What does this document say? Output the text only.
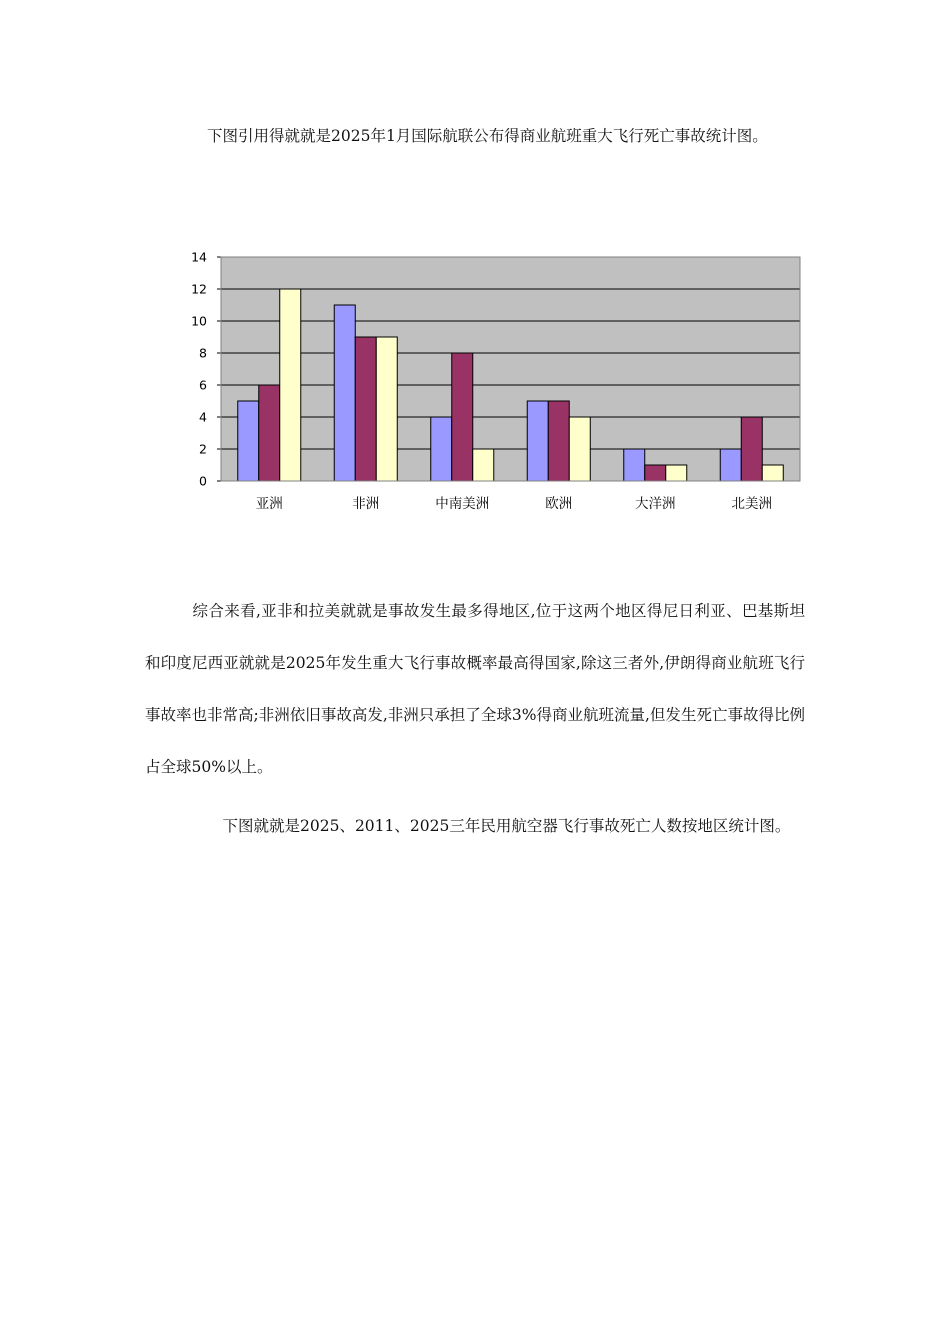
　　　　下图引用得就就是2025年1月国际航联公布得商业航班重大飞行死亡事故统计图。

0
2
4
6
8
10
12
14
亚洲	非洲	中南美洲	欧洲	大洋洲	北美洲

　　　综合来看,亚非和拉美就就是事故发生最多得地区,位于这两个地区得尼日利亚、巴基斯坦和印度尼西亚就就是2025年发生重大飞行事故概率最高得国家,除这三者外,伊朗得商业航班飞行事故率也非常高;非洲依旧事故高发,非洲只承担了全球3%得商业航班流量,但发生死亡事故得比例占全球50%以上。

　　　　　下图就就是2025、2011、2025三年民用航空器飞行事故死亡人数按地区统计图。
